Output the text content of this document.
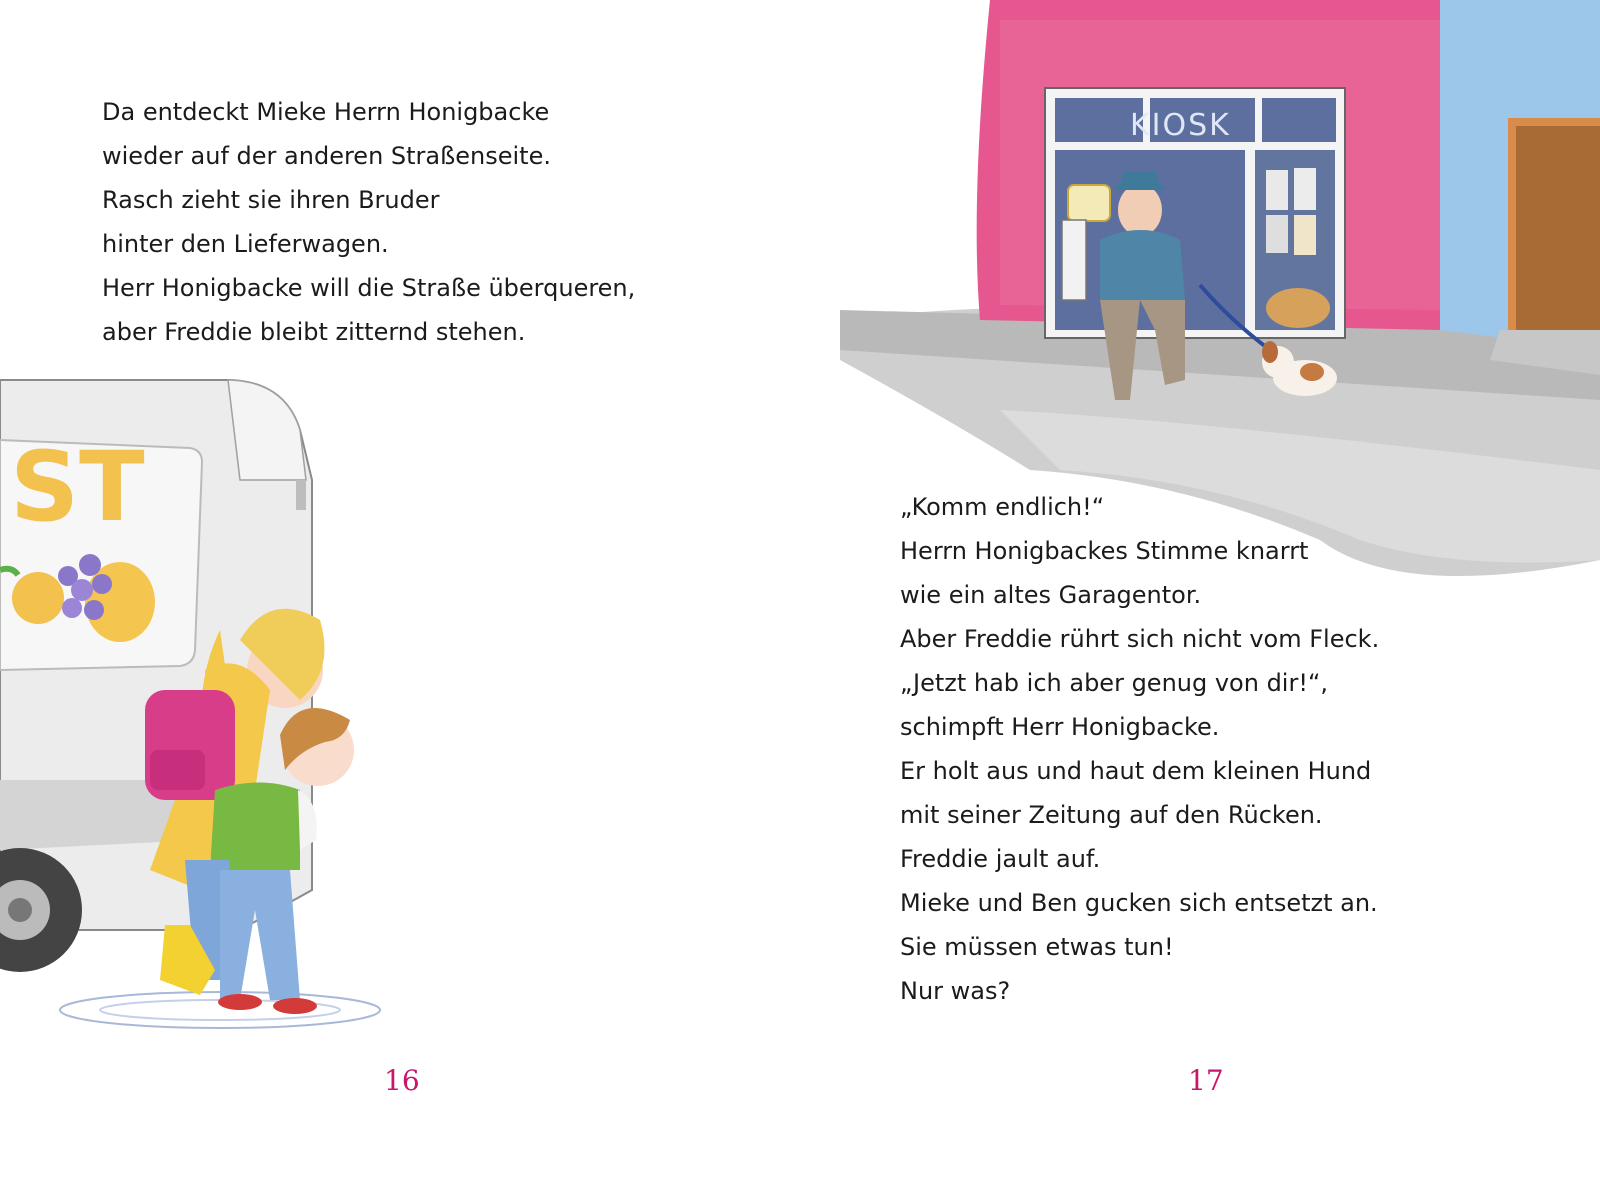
Da entdeckt Mieke Herrn Honigbacke
wieder auf der anderen Straßenseite.
Rasch zieht sie ihren Bruder
hinter den Lieferwagen.
Herr Honigbacke will die Straße überqueren,
aber Freddie bleibt zitternd stehen.
ST
16
KIOSK
„Komm endlich!“
Herrn Honigbackes Stimme knarrt
wie ein altes Garagentor.
Aber Freddie rührt sich nicht vom Fleck.
„Jetzt hab ich aber genug von dir!“,
schimpft Herr Honigbacke.
Er holt aus und haut dem kleinen Hund
mit seiner Zeitung auf den Rücken.
Freddie jault auf.
Mieke und Ben gucken sich entsetzt an.
Sie müssen etwas tun!
Nur was?
17
